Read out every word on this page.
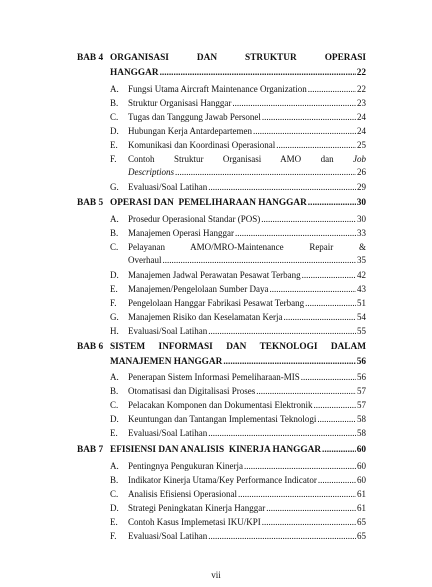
BAB 4 ORGANISASI	DAN	STRUKTUR	OPERASI
HANGGAR .....	22
A. Fungsi Utama Aircraft Maintenance Organization .....	22
B. Struktur Organisasi Hanggar .....	23
C. Tugas dan Tanggung Jawab Personel .....	24
D. Hubungan Kerja Antardepartemen .....	24
E. Komunikasi dan Koordinasi Operasional .....	25
F. Contoh Struktur Organisasi AMO dan Job
Descriptions .....	26
G. Evaluasi/Soal Latihan .....	29
BAB 5 OPERASI DAN  PEMELIHARAAN HANGGAR .....	30
A. Prosedur Operasional Standar (POS) .....	30
B. Manajemen Operasi Hanggar .....	33
C. Pelayanan	AMO/MRO-Maintenance	Repair	&
Overhaul .....	35
D. Manajemen Jadwal Perawatan Pesawat Terbang .....	42
E. Manajemen/Pengelolaan Sumber Daya .....	43
F. Pengelolaan Hanggar Fabrikasi Pesawat Terbang .....	51
G. Manajemen Risiko dan Keselamatan Kerja .....	54
H. Evaluasi/Soal Latihan .....	55
BAB 6 SISTEM INFORMASI DAN TEKNOLOGI DALAM
MANAJEMEN HANGGAR .....	56
A. Penerapan Sistem Informasi Pemeliharaan-MIS .....	56
B. Otomatisasi dan Digitalisasi Proses .....	57
C. Pelacakan Komponen dan Dokumentasi Elektronik .....	57
D. Keuntungan dan Tantangan Implementasi Teknologi .....	58
E. Evaluasi/Soal Latihan .....	58
BAB 7 EFISIENSI DAN ANALISIS  KINERJA HANGGAR .....	60
A. Pentingnya Pengukuran Kinerja .....	60
B. Indikator Kinerja Utama/Key Performance Indicator .....	60
C. Analisis Efisiensi Operasional .....	61
D. Strategi Peningkatan Kinerja Hanggar .....	61
E. Contoh Kasus Implemetasi IKU/KPI .....	65
F. Evaluasi/Soal Latihan .....	65
vii
